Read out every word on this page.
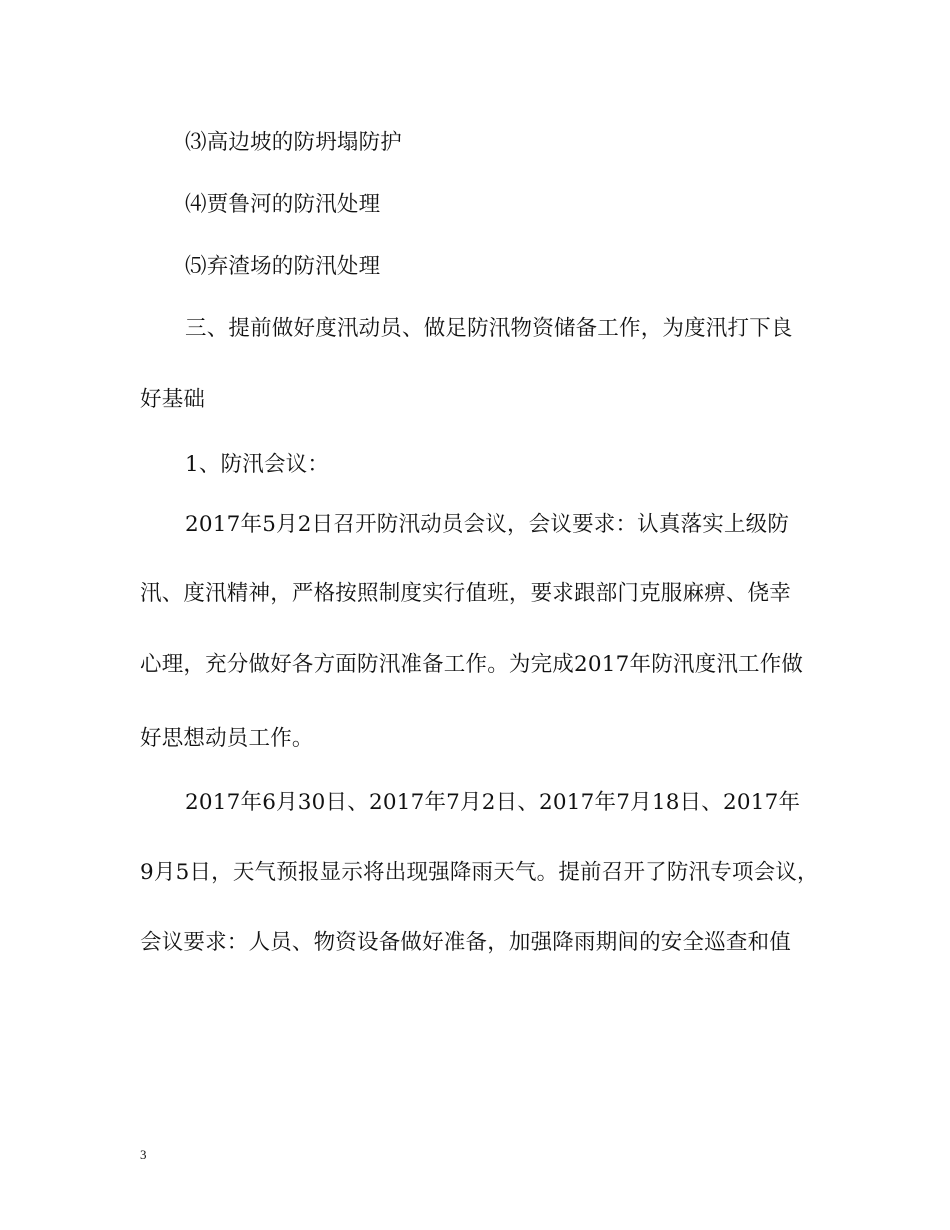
⑶高边坡的防坍塌防护
⑷贾鲁河的防汛处理
⑸弃渣场的防汛处理
三、提前做好度汛动员、做足防汛物资储备工作，为度汛打下良
好基础
1、防汛会议：
2017年5月2日召开防汛动员会议，会议要求：认真落实上级防
汛、度汛精神，严格按照制度实行值班，要求跟部门克服麻痹、侥幸
心理，充分做好各方面防汛准备工作。为完成2017年防汛度汛工作做
好思想动员工作。
2017年6月30日、2017年7月2日、2017年7月18日、2017年
9月5日，天气预报显示将出现强降雨天气。提前召开了防汛专项会议，
会议要求：人员、物资设备做好准备，加强降雨期间的安全巡查和值
3
